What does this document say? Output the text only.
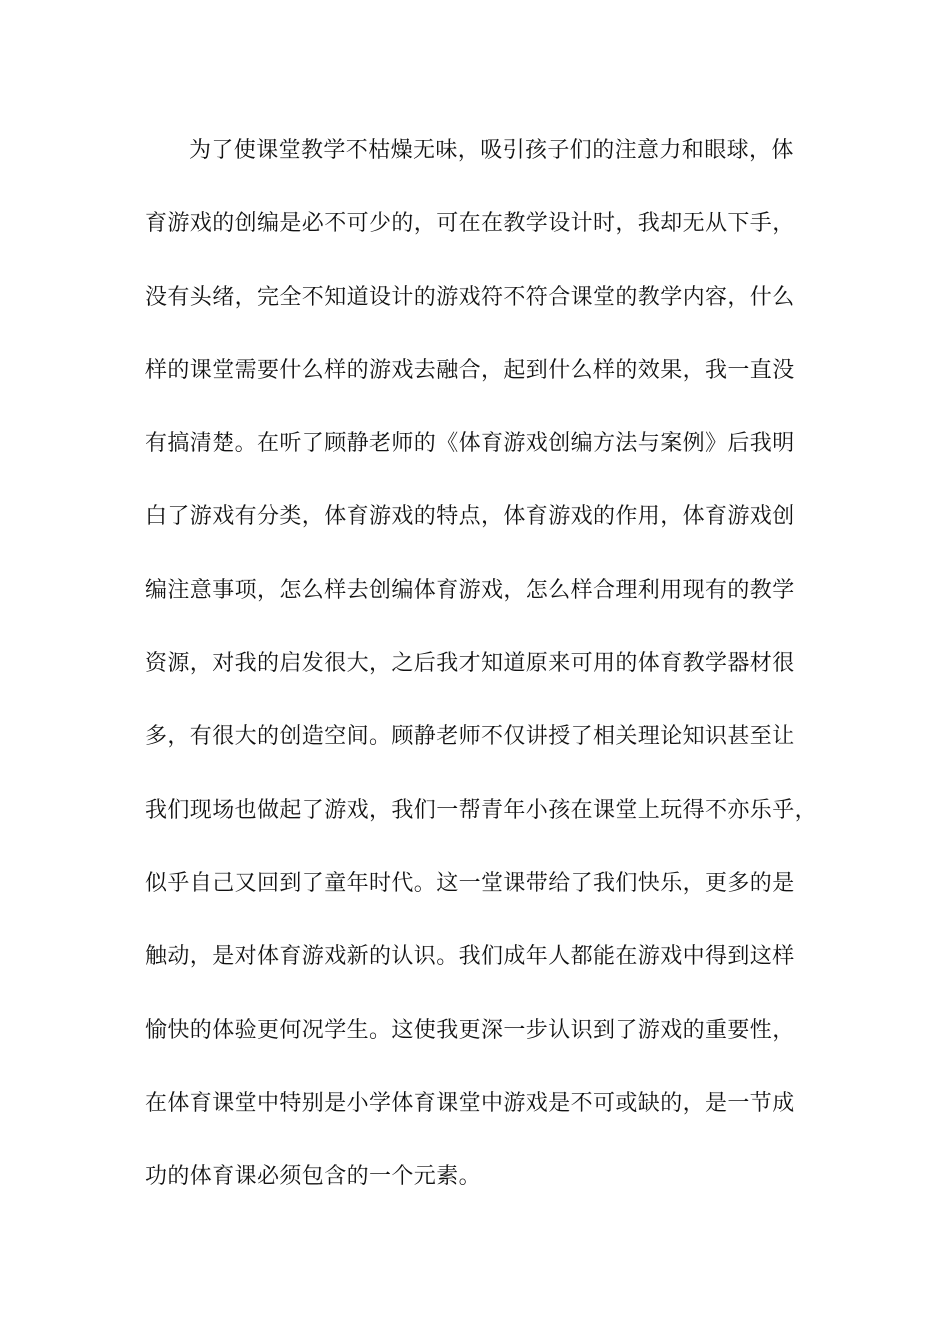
为了使课堂教学不枯燥无味，吸引孩子们的注意力和眼球，体
育游戏的创编是必不可少的，可在在教学设计时，我却无从下手，
没有头绪，完全不知道设计的游戏符不符合课堂的教学内容，什么
样的课堂需要什么样的游戏去融合，起到什么样的效果，我一直没
有搞清楚。在听了顾静老师的《体育游戏创编方法与案例》后我明
白了游戏有分类，体育游戏的特点，体育游戏的作用，体育游戏创
编注意事项，怎么样去创编体育游戏，怎么样合理利用现有的教学
资源，对我的启发很大，之后我才知道原来可用的体育教学器材很
多，有很大的创造空间。顾静老师不仅讲授了相关理论知识甚至让
我们现场也做起了游戏，我们一帮青年小孩在课堂上玩得不亦乐乎，
似乎自己又回到了童年时代。这一堂课带给了我们快乐，更多的是
触动，是对体育游戏新的认识。我们成年人都能在游戏中得到这样
愉快的体验更何况学生。这使我更深一步认识到了游戏的重要性，
在体育课堂中特别是小学体育课堂中游戏是不可或缺的，是一节成
功的体育课必须包含的一个元素。
